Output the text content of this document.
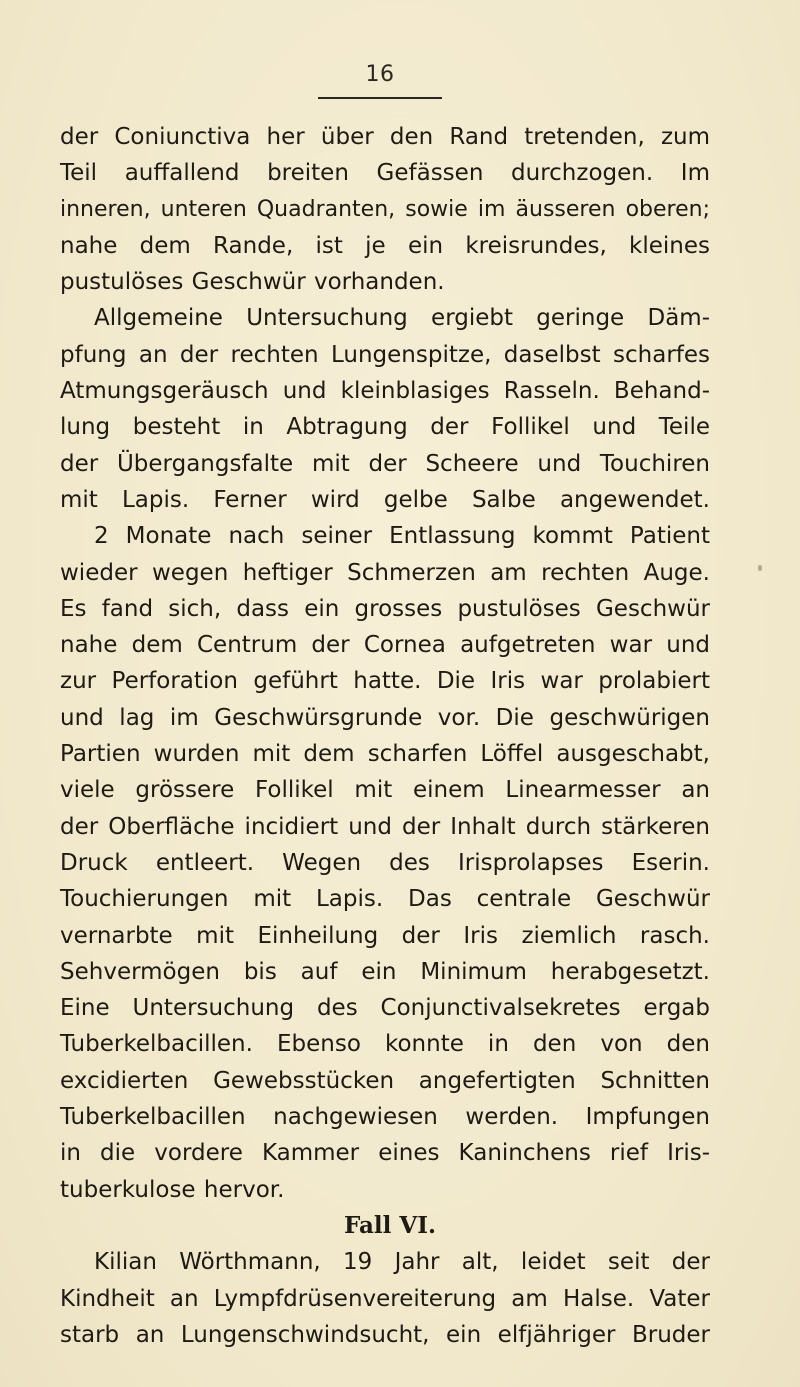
16
der Coniunctiva her über den Rand tretenden, zum
Teil auffallend breiten Gefässen durchzogen. Im
inneren, unteren Quadranten, sowie im äusseren oberen;
nahe dem Rande, ist je ein kreisrundes, kleines
pustulöses Geschwür vorhanden.
Allgemeine Untersuchung ergiebt geringe Däm-
pfung an der rechten Lungenspitze, daselbst scharfes
Atmungsgeräusch und kleinblasiges Rasseln. Behand-
lung besteht in Abtragung der Follikel und Teile
der Übergangsfalte mit der Scheere und Touchiren
mit Lapis. Ferner wird gelbe Salbe angewendet.
2 Monate nach seiner Entlassung kommt Patient
wieder wegen heftiger Schmerzen am rechten Auge.
Es fand sich, dass ein grosses pustulöses Geschwür
nahe dem Centrum der Cornea aufgetreten war und
zur Perforation geführt hatte. Die Iris war prolabiert
und lag im Geschwürsgrunde vor. Die geschwürigen
Partien wurden mit dem scharfen Löffel ausgeschabt,
viele grössere Follikel mit einem Linearmesser an
der Oberfläche incidiert und der Inhalt durch stärkeren
Druck entleert. Wegen des Irisprolapses Eserin.
Touchierungen mit Lapis. Das centrale Geschwür
vernarbte mit Einheilung der Iris ziemlich rasch.
Sehvermögen bis auf ein Minimum herabgesetzt.
Eine Untersuchung des Conjunctivalsekretes ergab
Tuberkelbacillen. Ebenso konnte in den von den
excidierten Gewebsstücken angefertigten Schnitten
Tuberkelbacillen nachgewiesen werden. Impfungen
in die vordere Kammer eines Kaninchens rief Iris-
tuberkulose hervor.
Fall VI.
Kilian Wörthmann, 19 Jahr alt, leidet seit der
Kindheit an Lympfdrüsenvereiterung am Halse. Vater
starb an Lungenschwindsucht, ein elfjähriger Bruder
